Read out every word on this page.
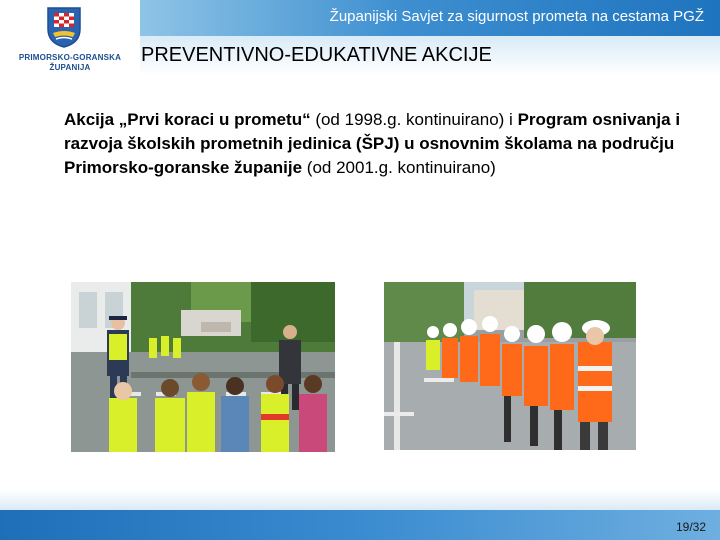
Županijski Savjet za sigurnost prometa na cestama PGŽ
PRIMORSKO-GORANSKA
ŽUPANIJA
PREVENTIVNO-EDUKATIVNE AKCIJE
Akcija „Prvi koraci u prometu“ (od 1998.g. kontinuirano) i Program osnivanja i razvoja školskih prometnih jedinica (ŠPJ) u osnovnim školama na području Primorsko-goranske županije (od 2001.g. kontinuirano)
19/32
